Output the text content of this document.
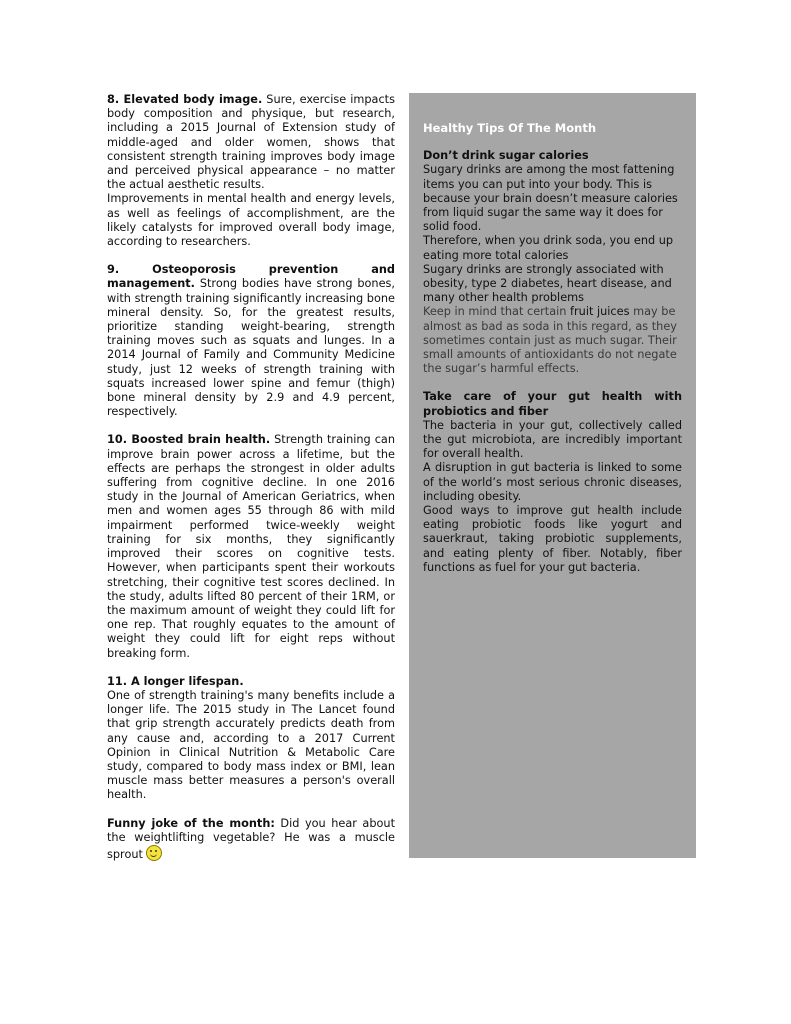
8. Elevated body image. Sure, exercise impacts body composition and physique, but research, including a 2015 Journal of Extension study of middle-aged and older women, shows that consistent strength training improves body image and perceived physical appearance – no matter the actual aesthetic results.

Improvements in mental health and energy levels, as well as feelings of accomplishment, are the likely catalysts for improved overall body image, according to researchers.

9. Osteoporosis prevention and management. Strong bodies have strong bones, with strength training significantly increasing bone mineral density. So, for the greatest results, prioritize standing weight-bearing, strength training moves such as squats and lunges. In a 2014 Journal of Family and Community Medicine study, just 12 weeks of strength training with squats increased lower spine and femur (thigh) bone mineral density by 2.9 and 4.9 percent, respectively.

10. Boosted brain health. Strength training can improve brain power across a lifetime, but the effects are perhaps the strongest in older adults suffering from cognitive decline. In one 2016 study in the Journal of American Geriatrics, when men and women ages 55 through 86 with mild impairment performed twice-weekly weight training for six months, they significantly improved their scores on cognitive tests. However, when participants spent their workouts stretching, their cognitive test scores declined. In the study, adults lifted 80 percent of their 1RM, or the maximum amount of weight they could lift for one rep. That roughly equates to the amount of weight they could lift for eight reps without breaking form.

11. A longer lifespan.

One of strength training's many benefits include a longer life. The 2015 study in The Lancet found that grip strength accurately predicts death from any cause and, according to a 2017 Current Opinion in Clinical Nutrition & Metabolic Care study, compared to body mass index or BMI, lean muscle mass better measures a person's overall health.

Funny joke of the month: Did you hear about the weightlifting vegetable? He was a muscle sprout

Healthy Tips Of The Month

Don’t drink sugar calories

Sugary drinks are among the most fattening items you can put into your body. This is because your brain doesn’t measure calories from liquid sugar the same way it does for solid food.

Therefore, when you drink soda, you end up eating more total calories

Sugary drinks are strongly associated with obesity, type 2 diabetes, heart disease, and many other health problems

Keep in mind that certain fruit juices may be almost as bad as soda in this regard, as they sometimes contain just as much sugar. Their small amounts of antioxidants do not negate the sugar’s harmful effects.

Take care of your gut health with probiotics and fiber

The bacteria in your gut, collectively called the gut microbiota, are incredibly important for overall health.

A disruption in gut bacteria is linked to some of the world’s most serious chronic diseases, including obesity.

Good ways to improve gut health include eating probiotic foods like yogurt and sauerkraut, taking probiotic supplements, and eating plenty of fiber. Notably, fiber functions as fuel for your gut bacteria.
